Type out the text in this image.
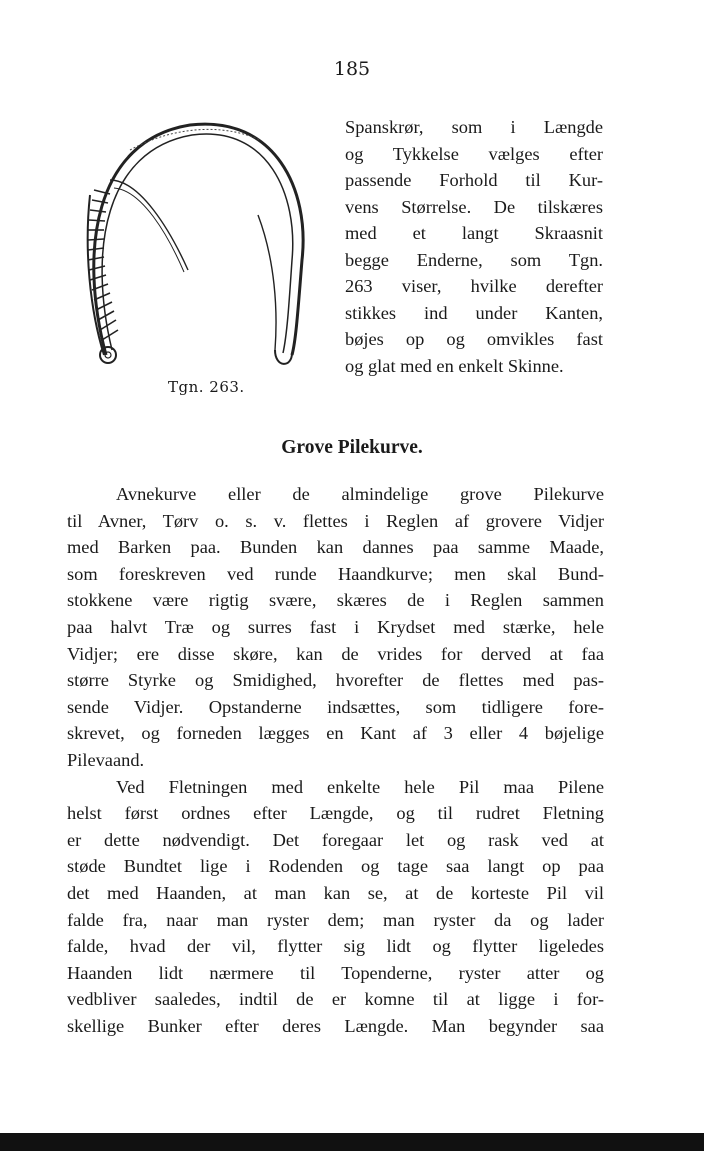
185
Tgn. 263.
Spanskrør, som i Længde
og Tykkelse vælges efter
passende Forhold til Kur-
vens Størrelse. De tilskæres
med et langt Skraasnit
begge Enderne, som Tgn.
263 viser, hvilke derefter
stikkes ind under Kanten,
bøjes op og omvikles fast
og glat med en enkelt Skinne.
Grove Pilekurve.
Avnekurve eller de almindelige grove Pilekurve
til Avner, Tørv o. s. v. flettes i Reglen af grovere Vidjer
med Barken paa. Bunden kan dannes paa samme Maade,
som foreskreven ved runde Haandkurve; men skal Bund-
stokkene være rigtig svære, skæres de i Reglen sammen
paa halvt Træ og surres fast i Krydset med stærke, hele
Vidjer; ere disse skøre, kan de vrides for derved at faa
større Styrke og Smidighed, hvorefter de flettes med pas-
sende Vidjer. Opstanderne indsættes, som tidligere fore-
skrevet, og forneden lægges en Kant af 3 eller 4 bøjelige
Pilevaand.
Ved Fletningen med enkelte hele Pil maa Pilene
helst først ordnes efter Længde, og til rudret Fletning
er dette nødvendigt. Det foregaar let og rask ved at
støde Bundtet lige i Rodenden og tage saa langt op paa
det med Haanden, at man kan se, at de korteste Pil vil
falde fra, naar man ryster dem; man ryster da og lader
falde, hvad der vil, flytter sig lidt og flytter ligeledes
Haanden lidt nærmere til Topenderne, ryster atter og
vedbliver saaledes, indtil de er komne til at ligge i for-
skellige Bunker efter deres Længde. Man begynder saa
